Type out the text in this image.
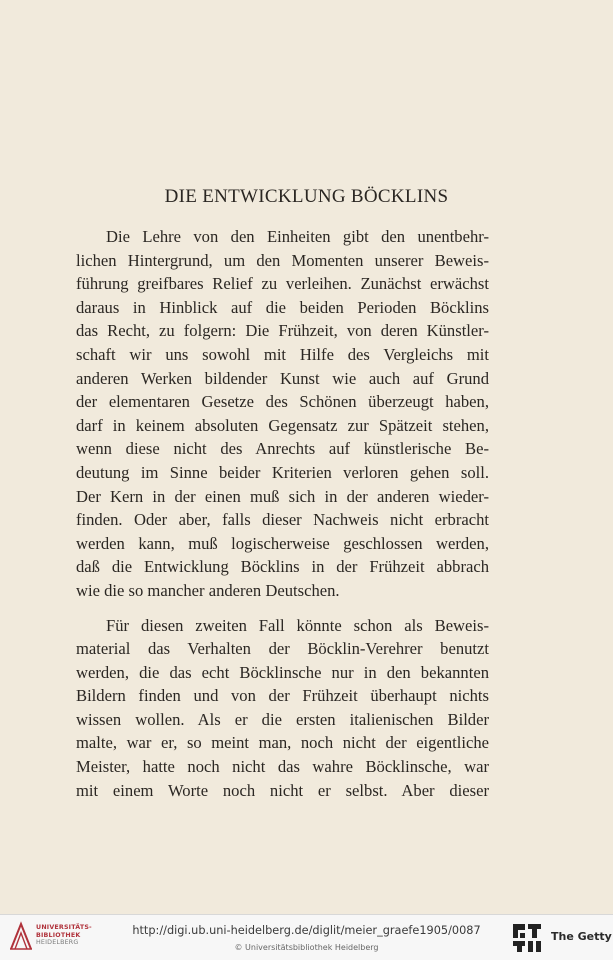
DIE ENTWICKLUNG BÖCKLINS
Die Lehre von den Einheiten gibt den unentbehr-
lichen Hintergrund, um den Momenten unserer Beweis-
führung greifbares Relief zu verleihen. Zunächst erwächst
daraus in Hinblick auf die beiden Perioden Böcklins
das Recht, zu folgern: Die Frühzeit, von deren Künstler-
schaft wir uns sowohl mit Hilfe des Vergleichs mit
anderen Werken bildender Kunst wie auch auf Grund
der elementaren Gesetze des Schönen überzeugt haben,
darf in keinem absoluten Gegensatz zur Spätzeit stehen,
wenn diese nicht des Anrechts auf künstlerische Be-
deutung im Sinne beider Kriterien verloren gehen soll.
Der Kern in der einen muß sich in der anderen wieder-
finden. Oder aber, falls dieser Nachweis nicht erbracht
werden kann, muß logischerweise geschlossen werden,
daß die Entwicklung Böcklins in der Frühzeit abbrach
wie die so mancher anderen Deutschen.
Für diesen zweiten Fall könnte schon als Beweis-
material das Verhalten der Böcklin-Verehrer benutzt
werden, die das echt Böcklinsche nur in den bekannten
Bildern finden und von der Frühzeit überhaupt nichts
wissen wollen. Als er die ersten italienischen Bilder
malte, war er, so meint man, noch nicht der eigentliche
Meister, hatte noch nicht das wahre Böcklinsche, war
mit einem Worte noch nicht er selbst. Aber dieser
UNIVERSITÄTS-
BIBLIOTHEK
HEIDELBERG
http://digi.ub.uni-heidelberg.de/diglit/meier_graefe1905/0087
© Universitätsbibliothek Heidelberg
The Getty
